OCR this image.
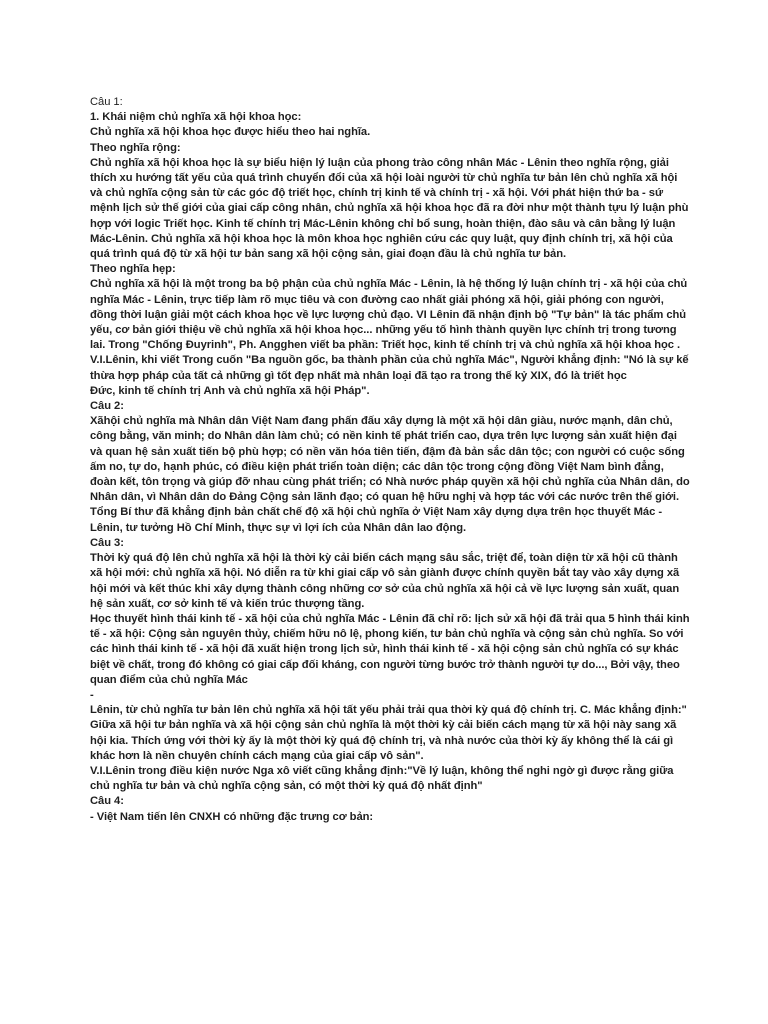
Câu 1:

1. Khái niệm chủ nghĩa xã hội khoa học:

Chủ nghĩa xã hội khoa học được hiểu theo hai nghĩa.

Theo nghĩa rộng:

Chủ nghĩa xã hội khoa học là sự biểu hiện lý luận của phong trào công nhân Mác - Lênin theo nghĩa rộng, giải thích xu hướng tất yếu của quá trình chuyển đổi của xã hội loài người từ chủ nghĩa tư bản lên chủ nghĩa xã hội và chủ nghĩa cộng sản từ các góc độ triết học, chính trị kinh tế và chính trị - xã hội. Với phát hiện thứ ba - sứ mệnh lịch sử thế giới của giai cấp công nhân, chủ nghĩa xã hội khoa học đã ra đời như một thành tựu lý luận phù hợp với logic Triết học. Kinh tế chính trị Mác-Lênin không chỉ bổ sung, hoàn thiện, đào sâu và cân bằng lý luận Mác-Lênin. Chủ nghĩa xã hội khoa học là môn khoa học nghiên cứu các quy luật, quy định chính trị, xã hội của quá trình quá độ từ xã hội tư bản sang xã hội cộng sản, giai đoạn đầu là chủ nghĩa tư bản.

Theo nghĩa hẹp:

Chủ nghĩa xã hội là một trong ba bộ phận của chủ nghĩa Mác - Lênin, là hệ thống lý luận chính trị - xã hội của chủ nghĩa Mác - Lênin, trực tiếp làm rõ mục tiêu và con đường cao nhất giải phóng xã hội, giải phóng con người, đồng thời luận giải một cách khoa học về lực lượng chủ đạo. VI Lênin đã nhận định bộ "Tự bản" là tác phẩm chủ yếu, cơ bản giới thiệu về chủ nghĩa xã hội khoa học... những yếu tố hình thành quyền lực chính trị trong tương lai. Trong "Chống Đuyrinh", Ph. Angghen viết ba phần: Triết học, kinh tế chính trị và chủ nghĩa xã hội khoa học . V.I.Lênin, khi viết Trong cuốn "Ba nguồn gốc, ba thành phần của chủ nghĩa Mác", Người khẳng định: "Nó là sự kế thừa hợp pháp của tất cả những gì tốt đẹp nhất mà nhân loại đã tạo ra trong thế kỷ XIX, đó là triết học

Đức, kinh tế chính trị Anh và chủ nghĩa xã hội Pháp".

Câu 2:

Xãhội chủ nghĩa mà Nhân dân Việt Nam đang phấn đấu xây dựng là một xã hội dân giàu, nước mạnh, dân chủ, công bằng, văn minh; do Nhân dân làm chủ; có nền kinh tế phát triển cao, dựa trên lực lượng sản xuất hiện đại và quan hệ sản xuất tiến bộ phù hợp; có nền văn hóa tiên tiến, đậm đà bản sắc dân tộc; con người có cuộc sống ấm no, tự do, hạnh phúc, có điều kiện phát triển toàn diện; các dân tộc trong cộng đồng Việt Nam bình đẳng, đoàn kết, tôn trọng và giúp đỡ nhau cùng phát triển; có Nhà nước pháp quyền xã hội chủ nghĩa của Nhân dân, do Nhân dân, vì Nhân dân do Đảng Cộng sản lãnh đạo; có quan hệ hữu nghị và hợp tác với các nước trên thế giới. Tổng Bí thư đã khẳng định bản chất chế độ xã hội chủ nghĩa ở Việt Nam xây dựng dựa trên học thuyết Mác - Lênin, tư tưởng Hồ Chí Minh, thực sự vì lợi ích của Nhân dân lao động.

Câu 3:

Thời kỳ quá độ lên chủ nghĩa xã hội là thời kỳ cải biến cách mạng sâu sắc, triệt để, toàn diện từ xã hội cũ thành xã hội mới: chủ nghĩa xã hội. Nó diễn ra từ khi giai cấp vô sản giành được chính quyền bắt tay vào xây dựng xã hội mới và kết thúc khi xây dựng thành công những cơ sở của chủ nghĩa xã hội cả về lực lượng sản xuất, quan hệ sản xuất, cơ sở kinh tế và kiến trúc thượng tầng.

Học thuyết hình thái kinh tế - xã hội của chủ nghĩa Mác - Lênin đã chỉ rõ: lịch sử xã hội đã trải qua 5 hình thái kinh tế - xã hội: Cộng sản nguyên thủy, chiếm hữu nô lệ, phong kiến, tư bản chủ nghĩa và cộng sản chủ nghĩa. So với các hình thái kinh tế - xã hội đã xuất hiện trong lịch sử, hình thái kinh tế - xã hội cộng sản chủ nghĩa có sự khác biệt về chất, trong đó không có giai cấp đối kháng, con người từng bước trở thành người tự do..., Bởi vậy, theo quan điểm của chủ nghĩa Mác

-

Lênin, từ chủ nghĩa tư bản lên chủ nghĩa xã hội tất yếu phải trải qua thời kỳ quá độ chính trị. C. Mác khẳng định:" Giữa xã hội tư bản nghĩa và xã hội cộng sản chủ nghĩa là một thời kỳ cải biến cách mạng từ xã hội này sang xã hội kia. Thích ứng với thời kỳ ấy là một thời kỳ quá độ chính trị, và nhà nước của thời kỳ ấy không thể là cái gì khác hơn là nền chuyên chính cách mạng của giai cấp vô sản".

V.I.Lênin trong điều kiện nước Nga xô viết cũng khẳng định:"Về lý luận, không thể nghi ngờ gì được rằng giữa chủ nghĩa tư bản và chủ nghĩa cộng sản, có một thời kỳ quá độ nhất định"

Câu 4:

- Việt Nam tiến lên CNXH có những đặc trưng cơ bản:
